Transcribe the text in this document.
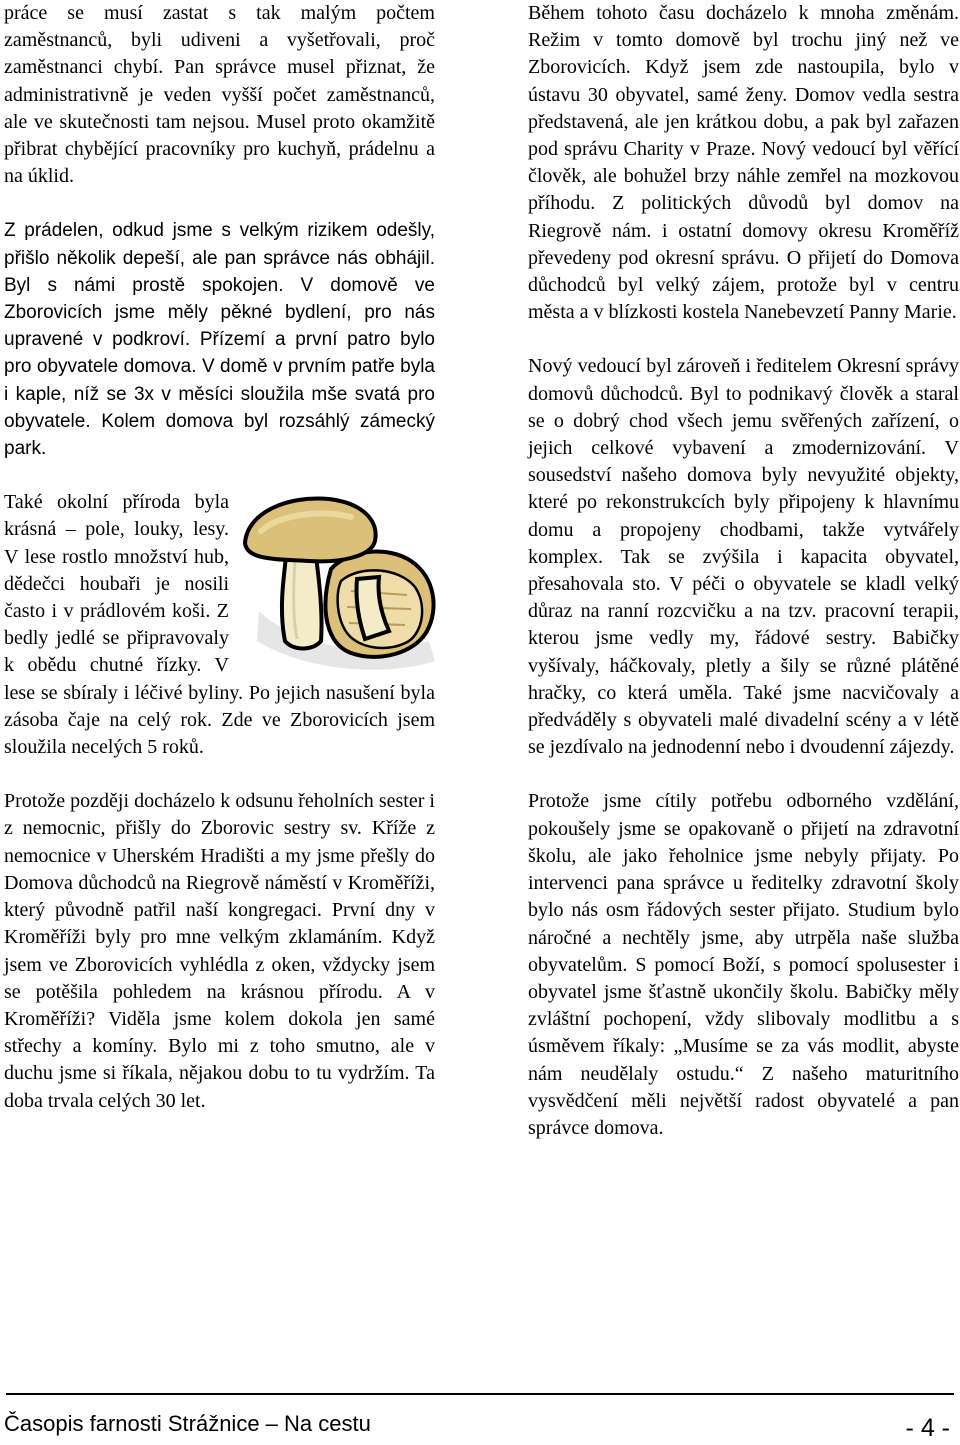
práce se musí zastat s tak malým počtem zaměstnanců, byli udiveni a vyšetřovali, proč zaměstnanci chybí. Pan správce musel přiznat, že administrativně je veden vyšší počet zaměstnanců, ale ve skutečnosti tam nejsou. Musel proto okamžitě přibrat chybějící pracovníky pro kuchyň, prádelnu a na úklid.

Z prádelen, odkud jsme s velkým rizikem odešly, přišlo několik depeší, ale pan správce nás obhájil. Byl s námi prostě spokojen. V domově ve Zborovicích jsme měly pěkné bydlení, pro nás upravené v podkroví. Přízemí a první patro bylo pro obyvatele domova. V domě v prvním patře byla i kaple, níž se 3x v měsíci sloužila mše svatá pro obyvatele. Kolem domova byl rozsáhlý zámecký park.

Také okolní příroda byla krásná – pole, louky, lesy. V lese rostlo množství hub, dědečci houbaři je nosili často i v prádlovém koši. Z bedly jedlé se připravovaly k obědu chutné řízky. V lese se sbíraly i léčivé byliny. Po jejich nasušení byla zásoba čaje na celý rok. Zde ve Zborovicích jsem sloužila necelých 5 roků.

Protože později docházelo k odsunu řeholních sester i z nemocnic, přišly do Zborovic sestry sv. Kříže z nemocnice v Uherském Hradišti a my jsme přešly do Domova důchodců na Riegrově náměstí v Kroměříži, který původně patřil naší kongregaci. První dny v Kroměříži byly pro mne velkým zklamáním. Když jsem ve Zborovicích vyhlédla z oken, vždycky jsem se potěšila pohledem na krásnou přírodu. A v Kroměříži? Viděla jsme kolem dokola jen samé střechy a komíny. Bylo mi z toho smutno, ale v duchu jsme si říkala, nějakou dobu to tu vydržím. Ta doba trvala celých 30 let.

Během tohoto času docházelo k mnoha změnám. Režim v tomto domově byl trochu jiný než ve Zborovicích. Když jsem zde nastoupila, bylo v ústavu 30 obyvatel, samé ženy. Domov vedla sestra představená, ale jen krátkou dobu, a pak byl zařazen pod správu Charity v Praze. Nový vedoucí byl věřící člověk, ale bohužel brzy náhle zemřel na mozkovou příhodu. Z politických důvodů byl domov na Riegrově nám. i ostatní domovy okresu Kroměříž převedeny pod okresní správu. O přijetí do Domova důchodců byl velký zájem, protože byl v centru města a v blízkosti kostela Nanebevzetí Panny Marie.

Nový vedoucí byl zároveň i ředitelem Okresní správy domovů důchodců. Byl to podnikavý člověk a staral se o dobrý chod všech jemu svěřených zařízení, o jejich celkové vybavení a zmodernizování. V sousedství našeho domova byly nevyužité objekty, které po rekonstrukcích byly připojeny k hlavnímu domu a propojeny chodbami, takže vytvářely komplex. Tak se zvýšila i kapacita obyvatel, přesahovala sto. V péči o obyvatele se kladl velký důraz na ranní rozcvičku a na tzv. pracovní terapii, kterou jsme vedly my, řádové sestry. Babičky vyšívaly, háčkovaly, pletly a šily se různé plátěné hračky, co která uměla. Také jsme nacvičovaly a předváděly s obyvateli malé divadelní scény a v létě se jezdívalo na jednodenní nebo i dvoudenní zájezdy.

Protože jsme cítily potřebu odborného vzdělání, pokoušely jsme se opakovaně o přijetí na zdravotní školu, ale jako řeholnice jsme nebyly přijaty. Po intervenci pana správce u ředitelky zdravotní školy bylo nás osm řádových sester přijato. Studium bylo náročné a nechtěly jsme, aby utrpěla naše služba obyvatelům. S pomocí Boží, s pomocí spolusester i obyvatel jsme šťastně ukončily školu. Babičky měly zvláštní pochopení, vždy slibovaly modlitbu a s úsměvem říkaly: „Musíme se za vás modlit, abyste nám neudělaly ostudu.“ Z našeho maturitního vysvědčení měli největší radost obyvatelé a pan správce domova.

Časopis farnosti Strážnice – Na cestu	- 4 -
